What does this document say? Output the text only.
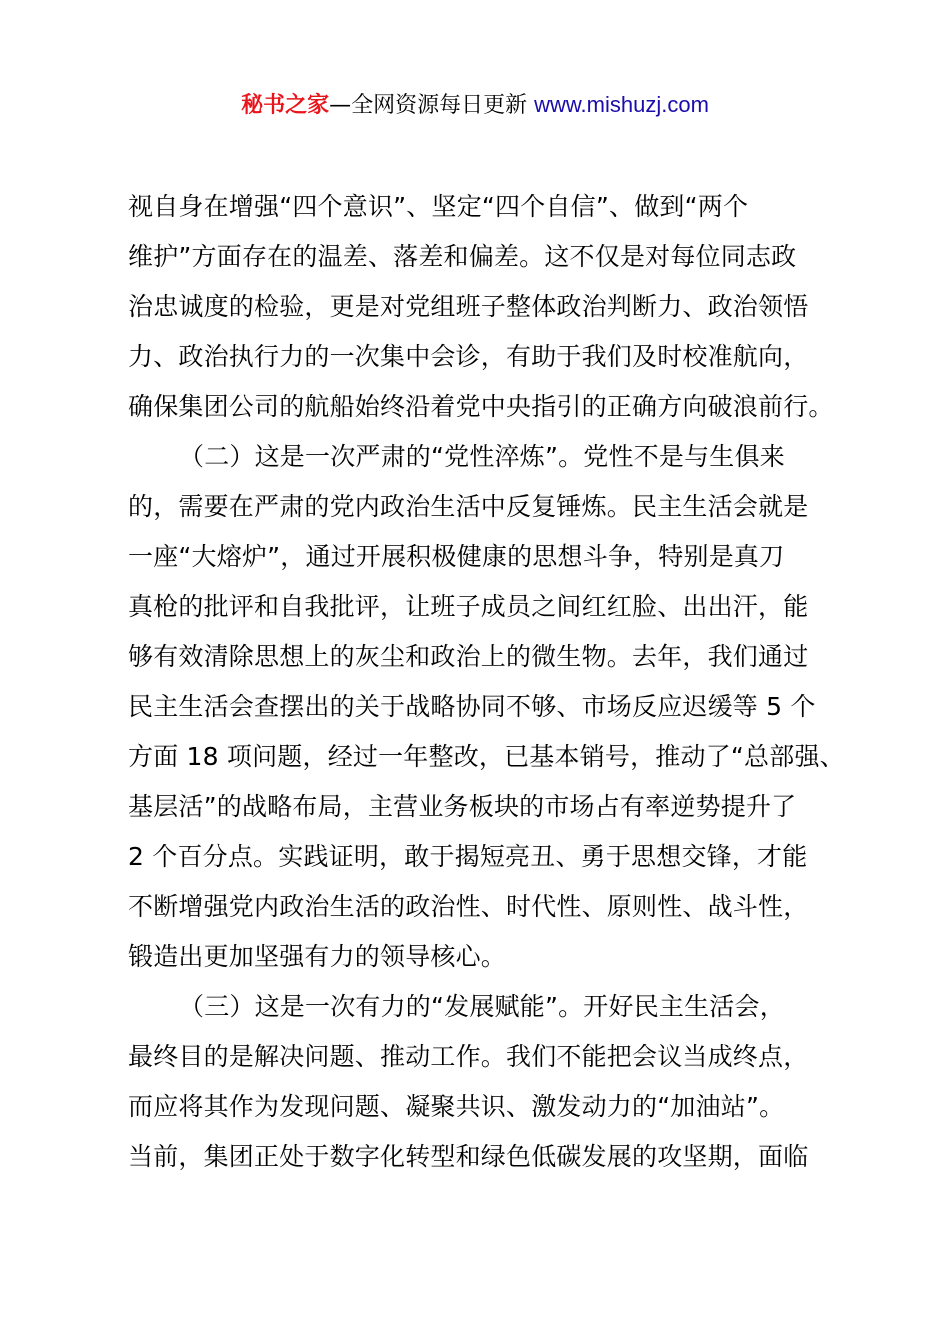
秘书之家—全网资源每日更新 www.mishuzj.com
视自身在增强“四个意识”、坚定“四个自信”、做到“两个
维护”方面存在的温差、落差和偏差。这不仅是对每位同志政
治忠诚度的检验，更是对党组班子整体政治判断力、政治领悟
力、政治执行力的一次集中会诊，有助于我们及时校准航向，
确保集团公司的航船始终沿着党中央指引的正确方向破浪前行。
（二）这是一次严肃的“党性淬炼”。党性不是与生俱来
的，需要在严肃的党内政治生活中反复锤炼。民主生活会就是
一座“大熔炉”，通过开展积极健康的思想斗争，特别是真刀
真枪的批评和自我批评，让班子成员之间红红脸、出出汗，能
够有效清除思想上的灰尘和政治上的微生物。去年，我们通过
民主生活会查摆出的关于战略协同不够、市场反应迟缓等 5 个
方面 18 项问题，经过一年整改，已基本销号，推动了“总部强、
基层活”的战略布局，主营业务板块的市场占有率逆势提升了
2 个百分点。实践证明，敢于揭短亮丑、勇于思想交锋，才能
不断增强党内政治生活的政治性、时代性、原则性、战斗性，
锻造出更加坚强有力的领导核心。
（三）这是一次有力的“发展赋能”。开好民主生活会，
最终目的是解决问题、推动工作。我们不能把会议当成终点，
而应将其作为发现问题、凝聚共识、激发动力的“加油站”。
当前，集团正处于数字化转型和绿色低碳发展的攻坚期，面临
